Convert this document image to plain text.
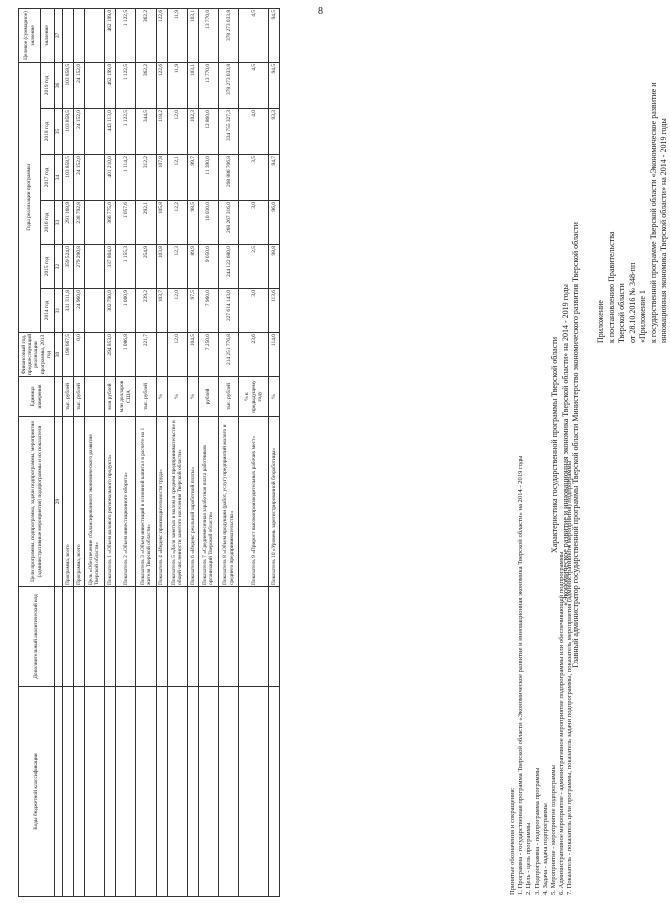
8
Приложение к постановлению Правительства Тверской области от 28.10.2016 № 348-пп «Приложение 1 к государственной программе Тверской области «Экономическое развитие и инновационная экономика Тверской области» на 2014 - 2019 годы
Характеристика государственной программы Тверской области «Экономическое развитие и инновационная экономика Тверской области» на 2014 - 2019 годы Главный администратор государственной программы Тверской области Министерство экономического развития Тверской области
Принятые обозначения и сокращения: 1. Программа - государственная программа Тверской области «Экономическое развитие и инновационная экономика Тверской области» на 2014 - 2019 годы 2. Цель - цель программы 3. Подпрограмма - подпрограмма программы 4. Задача - задача подпрограммы 5. Мероприятие - мероприятие подпрограммы 6. Административное мероприятие - административное мероприятие подпрограммы или обеспечивающей подпрограммы 7. Показатель - показатель цели программы, показатель задачи подпрограммы, показатель мероприятия (административного мероприятия) подпрограммы
Коды бюджетной классификации	Дополнительный аналитический код	Цели программы, подпрограмма, задачи подпрограммы, мероприятия (административные мероприятия) подпрограммы и их показатели	Единица измерения	Финансовый год, предшествующий реализации программы, 2013 год	Годы реализации программы						Целевое (суммарное) значение
					2014 год	2015 год	2016 год	2017 год	2018 год	2019 год	значение
		29		30	31	32	33	34	35	36	37
		Программа, всего	тыс. рублей	198 667,5	331 311,8	359 524,0	291 168,9	103 858,5	103 858,5	103 858,5	
		Программа, всего	тыс. рублей	0,0	24 960,0	279 290,8	238 792,8	24 152,0	24 152,0	24 152,0	
		Цель «Обеспечение сбалансированного экономического развития Тверской области»									
		Показатель 1 «Объем валового регионального продукта»	млн рублей	294 853,0	302 790,0	337 804,0	366 775,0	401 210,0	443 113,0	462 199,0	462 199,0
		Показатель 2 «Объем инвестиционного оборота»	млн долларов США	1 086,8	1 000,9	1 155,3	1 057,6	1 114,2	1 122,5	1 122,5	1 122,5
		Показатель 3 «Объем инвестиций в основной капитал в расчете на 1 жителя Тверской области»	тыс. рублей	221,7	239,2	254,9	292,1	312,2	344,5	362,2	362,2
		Показатель 4 «Индекс производительности труда»	%		103,7	103,8	105,8	107,8	118,2	122,6	122,6
		Показатель 5 «Доля занятых в малом и среднем предпринимательстве в общей численности занятого населения Тверской области»	%	12,0	12,0	12,3	12,2	12,1	12,0	11,9	11,9
		Показатель 6 «Индекс реальной заработной платы»	%	104,5	97,5	89,9	98,5	99,7	102,3	103,1	103,1
		Показатель 7 «Среднемесячная заработная плата работников организаций Тверской области»	рублей	7 250,0	7 960,0	9 050,0	10 030,0	11 390,0	12 860,0	13 770,0	13 770,0
		Показатель 8 «Объем продукции (работ, услуг) предприятий малого и среднего предпринимательства»	тыс. рублей	214 251 776,8	227 614 143,0	244 122 680,0	268 267 316,0	298 886 706,8	334 755 327,3	378 273 033,8	378 273 033,8
		Показатель 9 «Прирост высокопроизводительных рабочих мест»	% к предыдущему году	23,6	3,0	2,5	3,0	3,5	4,0	4,5	4,5
		Показатель 10 «Уровень зарегистрированной безработицы»	%	114,0	113,6	98,8	96,0	94,7	93,3	94,5	94,5
